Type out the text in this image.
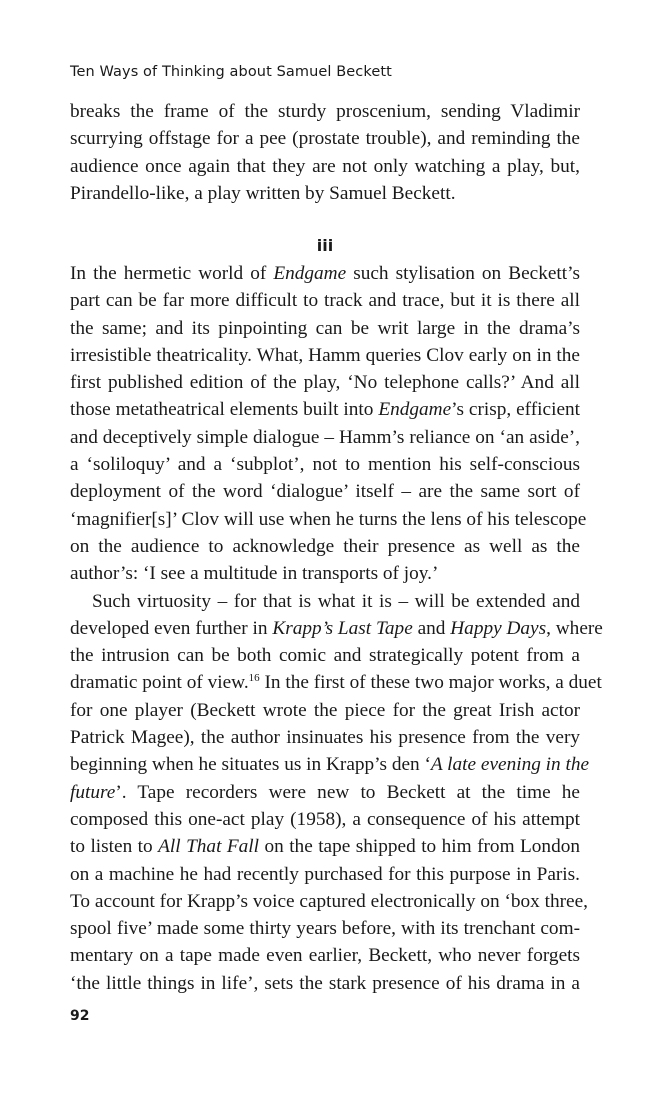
Ten Ways of Thinking about Samuel Beckett
breaks the frame of the sturdy proscenium, sending Vladimir
scurrying offstage for a pee (prostate trouble), and reminding the
audience once again that they are not only watching a play, but,
Pirandello-like, a play written by Samuel Beckett.
iii
In the hermetic world of Endgame such stylisation on Beckett’s
part can be far more difficult to track and trace, but it is there all
the same; and its pinpointing can be writ large in the drama’s
irresistible theatricality. What, Hamm queries Clov early on in the
first published edition of the play, ‘No telephone calls?’ And all
those metatheatrical elements built into Endgame’s crisp, efficient
and deceptively simple dialogue – Hamm’s reliance on ‘an aside’,
a ‘soliloquy’ and a ‘subplot’, not to mention his self-conscious
deployment of the word ‘dialogue’ itself – are the same sort of
‘magnifier[s]’ Clov will use when he turns the lens of his telescope
on the audience to acknowledge their presence as well as the
author’s: ‘I see a multitude in transports of joy.’
Such virtuosity – for that is what it is – will be extended and
developed even further in Krapp’s Last Tape and Happy Days, where
the intrusion can be both comic and strategically potent from a
dramatic point of view.$^{16}$ In the first of these two major works, a duet
for one player (Beckett wrote the piece for the great Irish actor
Patrick Magee), the author insinuates his presence from the very
beginning when he situates us in Krapp’s den ‘A late evening in the
future’. Tape recorders were new to Beckett at the time he
composed this one-act play (1958), a consequence of his attempt
to listen to All That Fall on the tape shipped to him from London
on a machine he had recently purchased for this purpose in Paris.
To account for Krapp’s voice captured electronically on ‘box three,
spool five’ made some thirty years before, with its trenchant com-
mentary on a tape made even earlier, Beckett, who never forgets
‘the little things in life’, sets the stark presence of his drama in a
92
